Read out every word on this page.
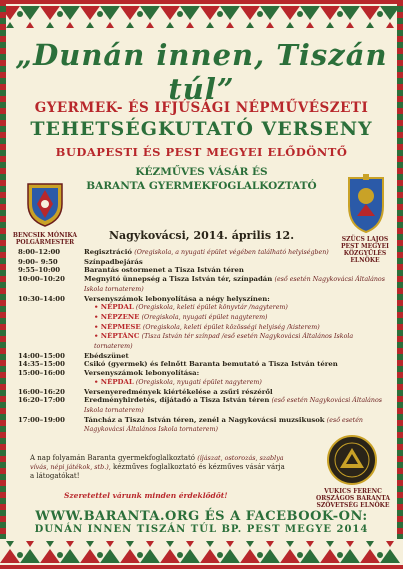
„Dunán innen, Tiszán túl”
GYERMEK- ÉS IFJÚSÁGI NÉPMŰVÉSZETI
TEHETSÉGKUTATÓ VERSENY
BUDAPESTI ÉS PEST MEGYEI ELŐDÖNTŐ
KÉZMŰVES VÁSÁR ÉS
BARANTA GYERMEKFOGLALKOZTATÓ
BENCSIK MÓNIKA
POLGÁRMESTER	SZÜCS LAJOS
PEST MEGYEI KÖZGYŰLÉS ELNÖKE
Nagykovácsi, 2014. április 12.
8:00–12:00	Regisztráció (Oregiskola, a nyugati épület végében található helyiségben)
9:00– 9:50	Színpadbejárás
9:55–10:00	Barantás ostormenet a Tisza István téren
10:00–10:20	Megnyitó ünnepség a Tisza István tér, színpadán (eső esetén Nagykovácsi Általános Iskola tornaterem)
10:30–14:00	Versenyszámok lebonyolítása a négy helyszínen:
• NÉPDAL (Oregiskola, keleti épület könyvtár /nagyterem)
• NÉPZENE (Oregiskola, nyugati épület nagyterem)
• NÉPMESE (Oregiskola, keleti épület közösségi helyiség /kisterem)
• NÉPTÁNC (Tisza István tér színpad /eső esetén Nagykovácsi Általános Iskola tornaterem)
14:00–15:00	Ebédszünet
14:35–15:00	Csikó (gyermek) és felnőtt Baranta bemutató a Tisza István téren
15:00–16:00	Versenyszámok lebonyolítása:
• NÉPDAL (Oregiskola, nyugati épület nagyterem)
16:00–16:20	Versenyeredmények kiértékelése a zsűri részéről
16:20–17:00	Eredményhirdetés, díjátadó a Tisza István téren (eső esetén Nagykovácsi Általános Iskola tornaterem)
17:00–19:00	Táncház a Tisza István téren, zenél a Nagykovácsi muzsikusok (eső esetén Nagykovácsi Általános Iskola tornaterem)
A nap folyamán Baranta gyermekfoglalkoztató (íjászat, ostorozás, szablya
vívás, népi játékok, stb.), kézműves foglalkoztató és kézműves vásár várja
a látogatókat!
Szeretettel várunk minden érdeklődőt!	VUKICS FERENC
ORSZÁGOS BARANTA SZÖVETSÉG ELNÖKE
WWW.BARANTA.ORG ÉS A FACEBOOK-ON:
DUNÁN INNEN TISZÁN TÚL BP. PEST MEGYE 2014
